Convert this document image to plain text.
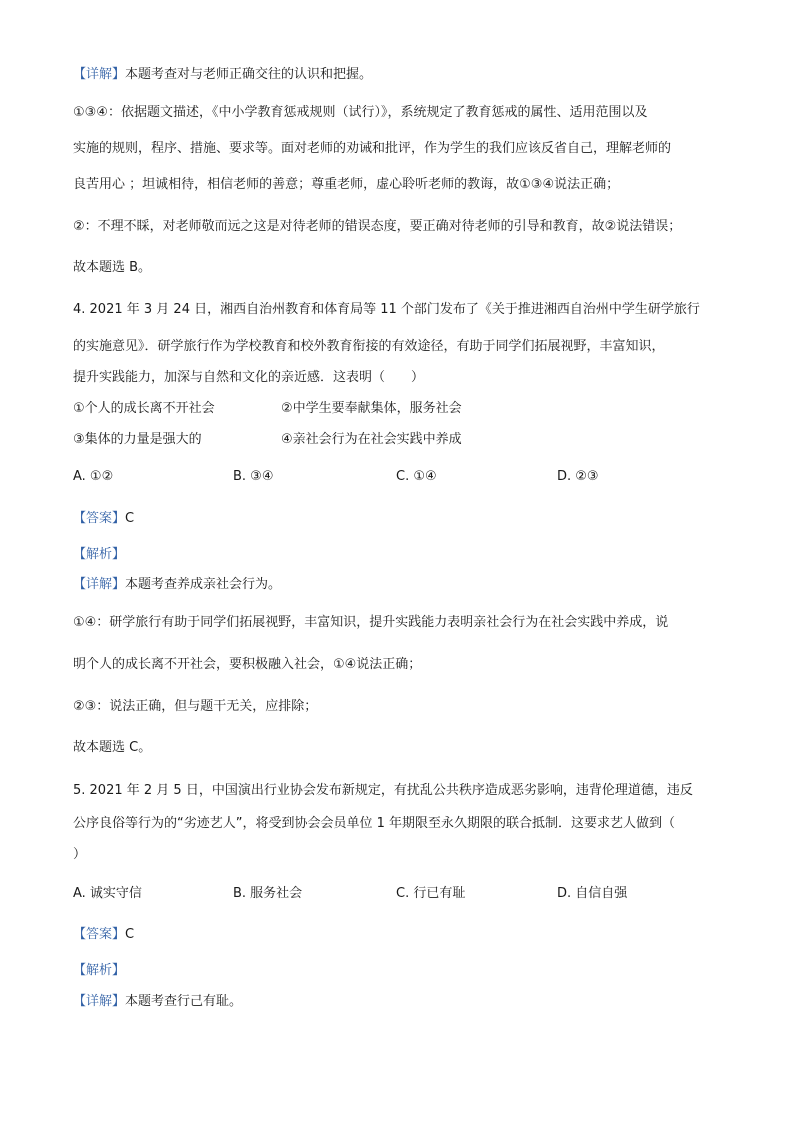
【详解】本题考查对与老师正确交往的认识和把握。
①③④：依据题文描述，《中小学教育惩戒规则（试行）》，系统规定了教育惩戒的属性、适用范围以及
实施的规则，程序、措施、要求等。面对老师的劝诫和批评，作为学生的我们应该反省自己，理解老师的
良苦用心 ；坦诚相待，相信老师的善意；尊重老师，虚心聆听老师的教诲，故①③④说法正确；
②：不理不睬，对老师敬而远之这是对待老师的错误态度，要正确对待老师的引导和教育，故②说法错误；
故本题选 B。
4. 2021 年 3 月 24 日，湘西自治州教育和体育局等 11 个部门发布了《关于推进湘西自治州中学生研学旅行
的实施意见》．研学旅行作为学校教育和校外教育衔接的有效途径，有助于同学们拓展视野，丰富知识，
提升实践能力，加深与自然和文化的亲近感．这表明（　　）
①个人的成长离不开社会	②中学生要奉献集体，服务社会
③集体的力量是强大的	④亲社会行为在社会实践中养成
A. ①②	B. ③④	C. ①④	D. ②③
【答案】C
【解析】
【详解】本题考查养成亲社会行为。
①④：研学旅行有助于同学们拓展视野，丰富知识，提升实践能力表明亲社会行为在社会实践中养成，说
明个人的成长离不开社会，要积极融入社会，①④说法正确；
②③：说法正确，但与题干无关，应排除；
故本题选 C。
5. 2021 年 2 月 5 日，中国演出行业协会发布新规定，有扰乱公共秩序造成恶劣影响，违背伦理道德，违反
公序良俗等行为的“劣迹艺人”，将受到协会会员单位 1 年期限至永久期限的联合抵制．这要求艺人做到（
）
A. 诚实守信	B. 服务社会	C. 行已有耻	D. 自信自强
【答案】C
【解析】
【详解】本题考查行己有耻。
